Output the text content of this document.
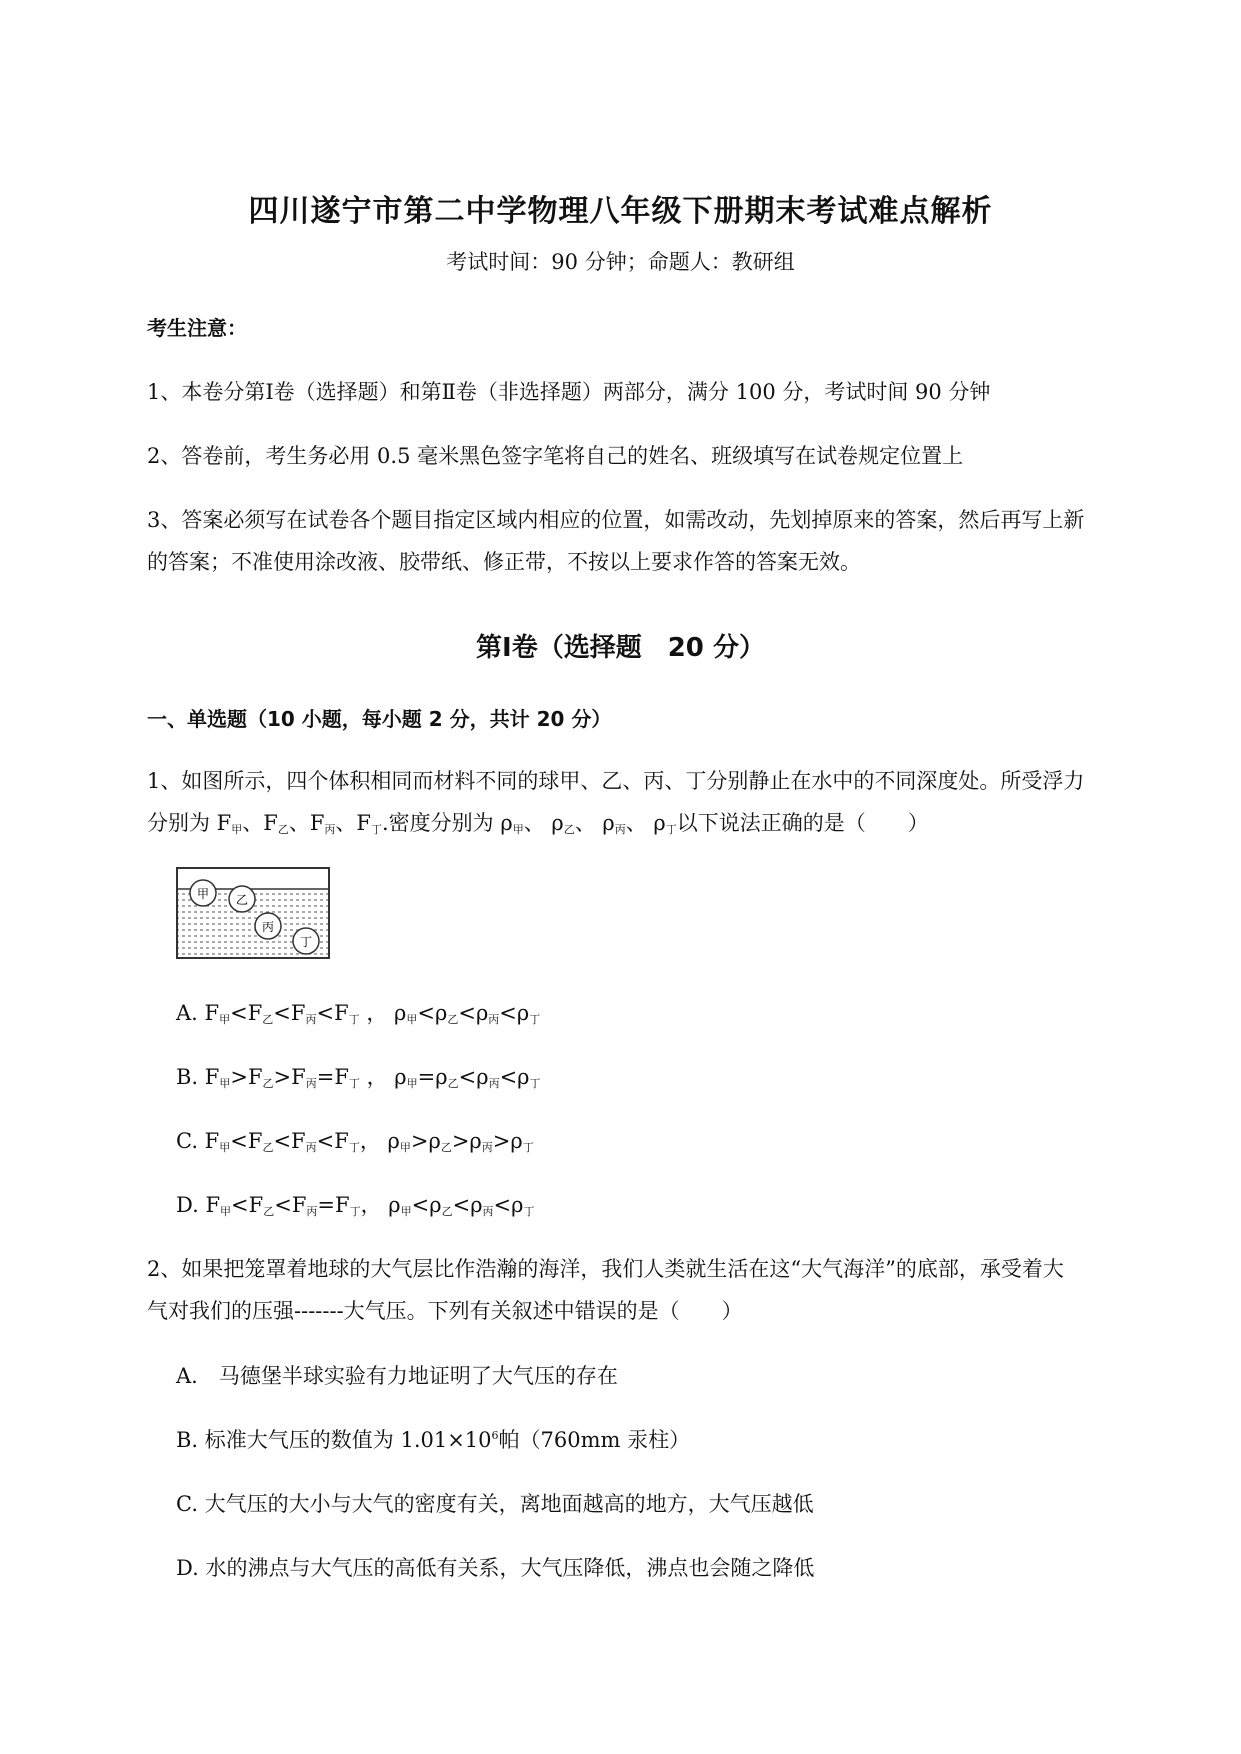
四川遂宁市第二中学物理八年级下册期末考试难点解析
考试时间：90 分钟；命题人：教研组
考生注意：
1、本卷分第Ⅰ卷（选择题）和第Ⅱ卷（非选择题）两部分，满分 100 分，考试时间 90 分钟
2、答卷前，考生务必用 0.5 毫米黑色签字笔将自己的姓名、班级填写在试卷规定位置上
3、答案必须写在试卷各个题目指定区域内相应的位置，如需改动，先划掉原来的答案，然后再写上新
的答案；不准使用涂改液、胶带纸、修正带，不按以上要求作答的答案无效。
第Ⅰ卷（选择题　20 分）
一、单选题（10 小题，每小题 2 分，共计 20 分）
1、如图所示，四个体积相同而材料不同的球甲、乙、丙、丁分别静止在水中的不同深度处。所受浮力
分别为 $F_甲$、$F_乙$、$F_丙$、$F_丁$.密度分别为 $\rho_甲$、 $\rho_乙$、 $\rho_丙$、 $\rho_丁$以下说法正确的是（　　）
甲 乙
丙
丁
A. $F_甲<F_乙<F_丙<F_丁$ ， $\rho_甲<\rho_乙<\rho_丙<\rho_丁$
B. $F_甲>F_乙>F_丙=F_丁$ ， $\rho_甲=\rho_乙<\rho_丙<\rho_丁$
C. $F_甲<F_乙<F_丙<F_丁$， $\rho_甲>\rho_乙>\rho_丙>\rho_丁$
D. $F_甲<F_乙<F_丙=F_丁$， $\rho_甲<\rho_乙<\rho_丙<\rho_丁$
2、如果把笼罩着地球的大气层比作浩瀚的海洋，我们人类就生活在这“大气海洋”的底部，承受着大
气对我们的压强-------大气压。下列有关叙述中错误的是（　　）
A.　马德堡半球实验有力地证明了大气压的存在
B. 标准大气压的数值为 $1.01\times 10^6$帕（760mm 汞柱）
C. 大气压的大小与大气的密度有关，离地面越高的地方，大气压越低
D. 水的沸点与大气压的高低有关系，大气压降低，沸点也会随之降低
